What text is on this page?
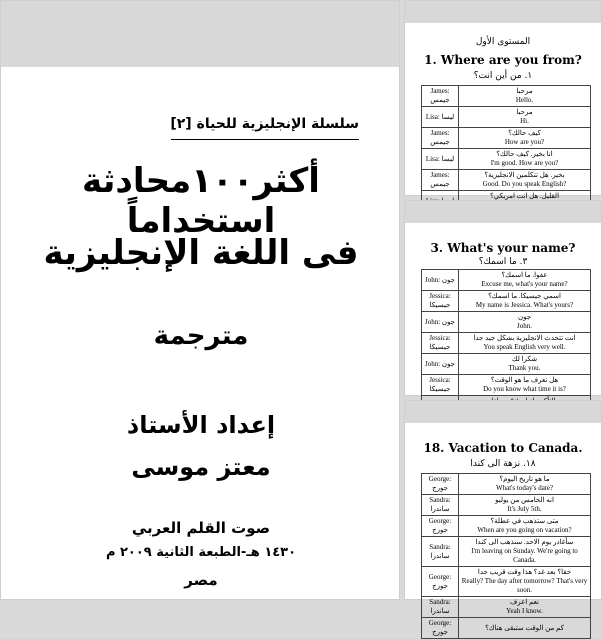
سلسلة الإنجليزية للحياة [٢]
أكثر١٠٠محادثة استخداماً
فى اللغة الإنجليزية
مترجمة
إعداد الأستاذ
معتز موسى
صوت القلم العربي
١٤٣٠ هـ-الطبعة الثانية ٢٠٠٩ م
مصر
المستوى الأول
1. Where are you from?
١. من أين انت؟
James: جيمس	مرحبا
Hello.

Lisa: ليسا	مرحبا
Hi.

James: جيمس	كيف حالك؟
How are you?

Lisa: ليسا	انا بخير. كيف حالك؟
I'm good. How are you?

James: جيمس	بخير. هل تتكلمين الانجليزية؟
Good. Do you speak English?

القليل. هل انت امريكي؟
3. What's your name?
٣. ما اسمك؟
John: جون	عفوا. ما اسمك؟
Excuse me, what's your name?

Jessica: جيسيكا	اسمي جيسيكا. ما اسمك؟
My name is Jessica. What's yours?

John: جون	جون
John.

Jessica: جيسيكا	انت تتحدث الانجليزية بشكل جيد جدا
You speak English very well.

John: جون	شكرا لك
Thank you.

Jessica: جيسيكا	هل تعرف ما هو الوقت؟
Do you know what time it is?

18. Vacation to Canada.
١٨. نزهة الى كندا
George: جورج	ما هو تاريخ اليوم؟
What's today's date?

Sandra: ساندرا	انه الخامس من يوليو
It's July 5th.

George: جورج	متى ستذهب في عطلة؟
When are you going on vacation?

Sandra: ساندرا	سأغادر يوم الاحد. سنذهب الى كندا
I'm leaving on Sunday. We're going to Canada.

George: جورج	حقا؟ بعد غد؟ هذا وقت قريب جدا
Really? The day after tomorrow? That's very soon.

Sandra: ساندرا	نعم اعرف
Yeah I know.

George: جورج	كم من الوقت ستبقى هناك؟
